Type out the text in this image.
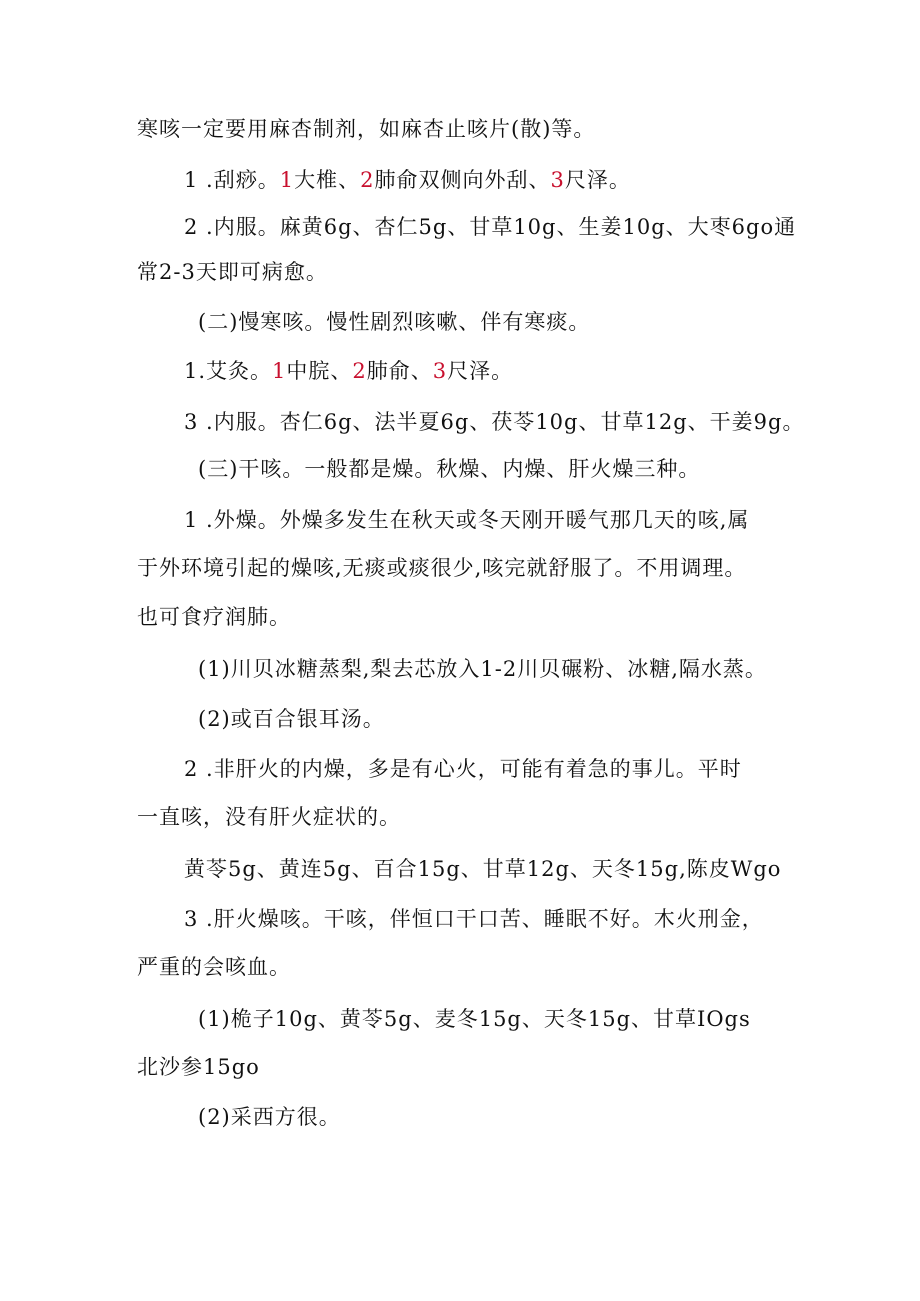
寒咳一定要用麻杏制剂，如麻杏止咳片(散)等。
1 .刮痧。1大椎、2肺俞双侧向外刮、3尺泽。
2 .内服。麻黄6g、杏仁5g、甘草10g、生姜10g、大枣6go通
常2-3天即可病愈。
(二)慢寒咳。慢性剧烈咳嗽、伴有寒痰。
1.艾灸。1中脘、2肺俞、3尺泽。
3 .内服。杏仁6g、法半夏6g、茯苓10g、甘草12g、干姜9g。
(三)干咳。一般都是燥。秋燥、内燥、肝火燥三种。
1 .外燥。外燥多发生在秋天或冬天刚开暖气那几天的咳,属
于外环境引起的燥咳,无痰或痰很少,咳完就舒服了。不用调理。
也可食疗润肺。
(1)川贝冰糖蒸梨,梨去芯放入1-2川贝碾粉、冰糖,隔水蒸。
(2)或百合银耳汤。
2 .非肝火的内燥，多是有心火，可能有着急的事儿。平时
一直咳，没有肝火症状的。
黄苓5g、黄连5g、百合15g、甘草12g、天冬15g,陈皮Wgo
3 .肝火燥咳。干咳，伴恒口干口苦、睡眠不好。木火刑金，
严重的会咳血。
(1)桅子10g、黄苓5g、麦冬15g、天冬15g、甘草IOgs
北沙参15go
(2)采西方很。
